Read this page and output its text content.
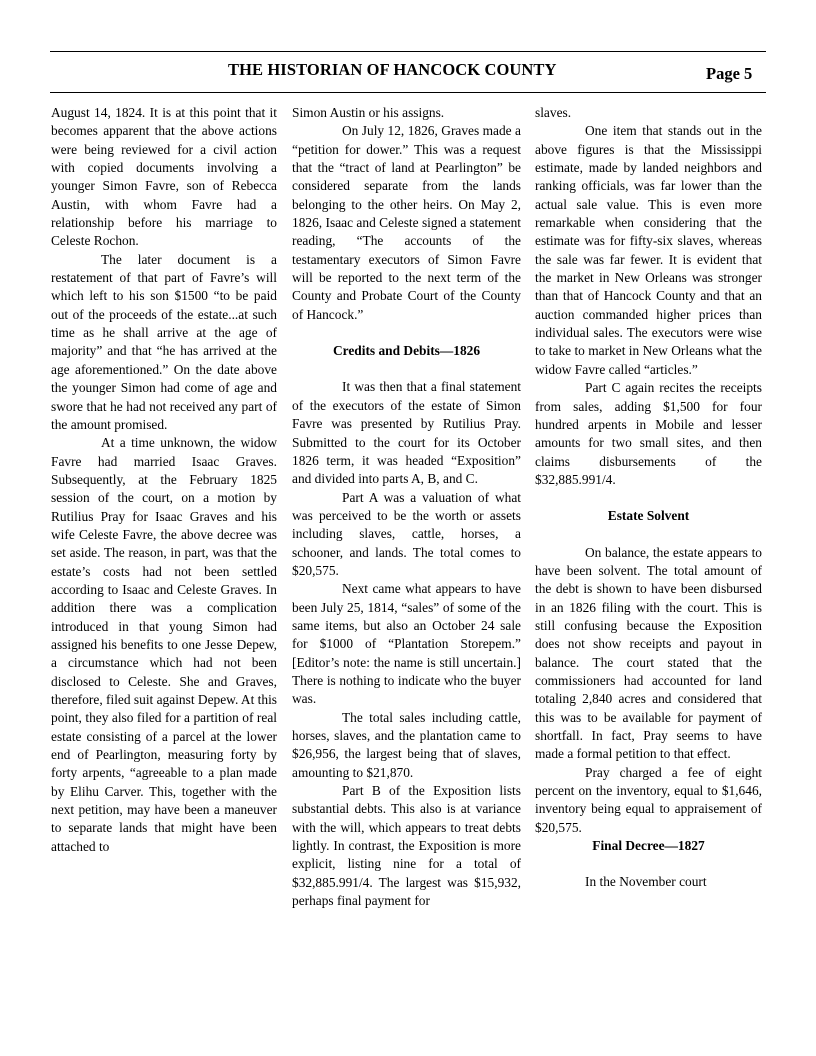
THE HISTORIAN OF HANCOCK COUNTY	Page 5

August 14, 1824. It is at this point that it becomes apparent that the above actions were being reviewed for a civil action with copied documents involving a younger Simon Favre, son of Rebecca Austin, with whom Favre had a relationship before his marriage to Celeste Rochon.

The later document is a restatement of that part of Favre’s will which left to his son $1500 “to be paid out of the proceeds of the estate...at such time as he shall arrive at the age of majority” and that “he has arrived at the age aforementioned.” On the date above the younger Simon had come of age and swore that he had not received any part of the amount promised.

At a time unknown, the widow Favre had married Isaac Graves. Subsequently, at the February 1825 session of the court, on a motion by Rutilius Pray for Isaac Graves and his wife Celeste Favre, the above decree was set aside. The reason, in part, was that the estate’s costs had not been settled according to Isaac and Celeste Graves. In addition there was a complication introduced in that young Simon had assigned his benefits to one Jesse Depew, a circumstance which had not been disclosed to Celeste. She and Graves, therefore, filed suit against Depew. At this point, they also filed for a partition of real estate consisting of a parcel at the lower end of Pearlington, measuring forty by forty arpents, “agreeable to a plan made by Elihu Carver. This, together with the next petition, may have been a maneuver to separate lands that might have been attached to

Simon Austin or his assigns.

On July 12, 1826, Graves made a “petition for dower.” This was a request that the “tract of land at Pearlington” be considered separate from the lands belonging to the other heirs. On May 2, 1826, Isaac and Celeste signed a statement reading, “The accounts of the testamentary executors of Simon Favre will be reported to the next term of the County and Probate Court of the County of Hancock.”

Credits and Debits—1826

It was then that a final statement of the executors of the estate of Simon Favre was presented by Rutilius Pray. Submitted to the court for its October 1826 term, it was headed “Exposition” and divided into parts A, B, and C.

Part A was a valuation of what was perceived to be the worth or assets including slaves, cattle, horses, a schooner, and lands. The total comes to $20,575.

Next came what appears to have been July 25, 1814, “sales” of some of the same items, but also an October 24 sale for $1000 of “Plantation Storepem.” [Editor’s note: the name is still uncertain.] There is nothing to indicate who the buyer was.

The total sales including cattle, horses, slaves, and the plantation came to $26,956, the largest being that of slaves, amounting to $21,870.

Part B of the Exposition lists substantial debts. This also is at variance with the will, which appears to treat debts lightly. In contrast, the Exposition is more explicit, listing nine for a total of $32,885.991/4. The largest was $15,932, perhaps final payment for

slaves.

One item that stands out in the above figures is that the Mississippi estimate, made by landed neighbors and ranking officials, was far lower than the actual sale value. This is even more remarkable when considering that the estimate was for fifty-six slaves, whereas the sale was far fewer. It is evident that the market in New Orleans was stronger than that of Hancock County and that an auction commanded higher prices than individual sales. The executors were wise to take to market in New Orleans what the widow Favre called “articles.”

Part C again recites the receipts from sales, adding $1,500 for four hundred arpents in Mobile and lesser amounts for two small sites, and then claims disbursements of the $32,885.991/4.

Estate Solvent

On balance, the estate appears to have been solvent. The total amount of the debt is shown to have been disbursed in an 1826 filing with the court. This is still confusing because the Exposition does not show receipts and payout in balance. The court stated that the commissioners had accounted for land totaling 2,840 acres and considered that this was to be available for payment of shortfall. In fact, Pray seems to have made a formal petition to that effect.

Pray charged a fee of eight percent on the inventory, equal to $1,646, inventory being equal to appraisement of $20,575.

Final Decree—1827

In the November court
